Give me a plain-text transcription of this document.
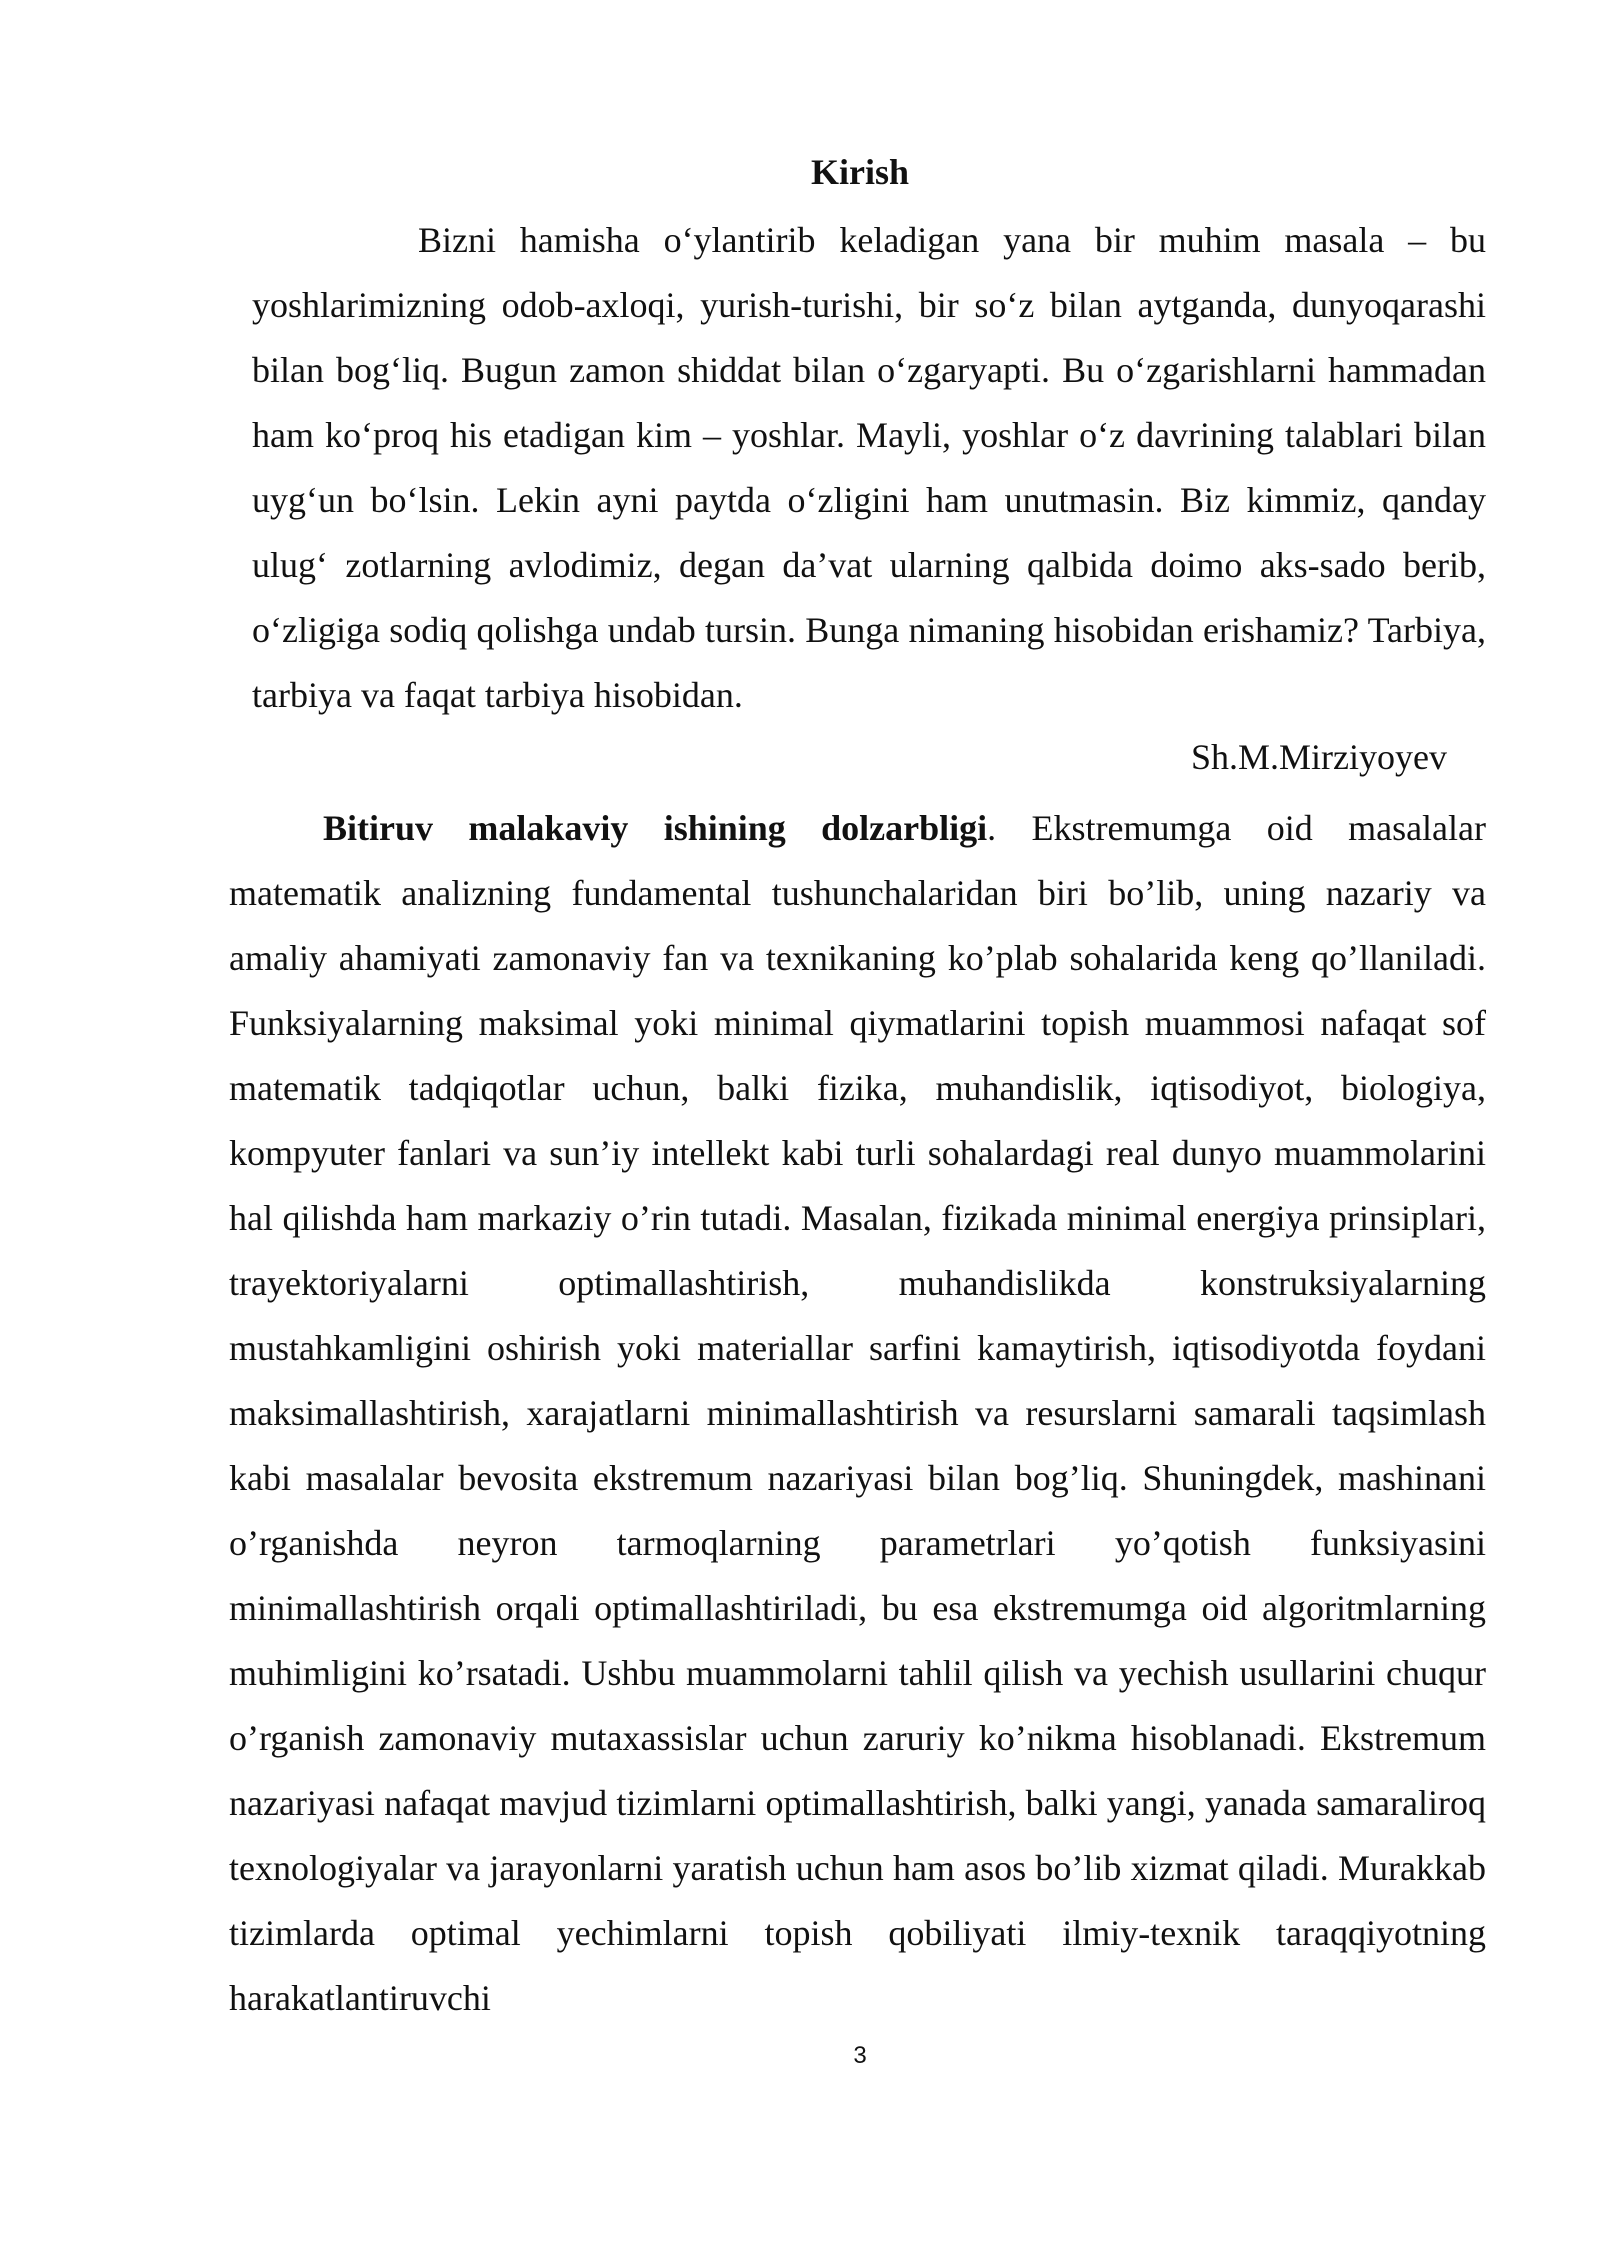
Kirish

Bizni hamisha o‘ylantirib keladigan yana bir muhim masala – bu yoshlarimizning odob-axloqi, yurish-turishi, bir so‘z bilan aytganda, dunyoqarashi bilan bog‘liq. Bugun zamon shiddat bilan o‘zgaryapti. Bu o‘zgarishlarni hammadan ham ko‘proq his etadigan kim – yoshlar. Mayli, yoshlar o‘z davrining talablari bilan uyg‘un bo‘lsin. Lekin ayni paytda o‘zligini ham unutmasin. Biz kimmiz, qanday ulug‘ zotlarning avlodimiz, degan da’vat ularning qalbida doimo aks-sado berib, o‘zligiga sodiq qolishga undab tursin. Bunga nimaning hisobidan erishamiz? Tarbiya, tarbiya va faqat tarbiya hisobidan.

Sh.M.Mirziyoyev

Bitiruv malakaviy ishining dolzarbligi. Ekstremumga oid masalalar matematik analizning fundamental tushunchalaridan biri bo’lib, uning nazariy va amaliy ahamiyati zamonaviy fan va texnikaning ko’plab sohalarida keng qo’llaniladi. Funksiyalarning maksimal yoki minimal qiymatlarini topish muammosi nafaqat sof matematik tadqiqotlar uchun, balki fizika, muhandislik, iqtisodiyot, biologiya, kompyuter fanlari va sun’iy intellekt kabi turli sohalardagi real dunyo muammolarini hal qilishda ham markaziy o’rin tutadi. Masalan, fizikada minimal energiya prinsiplari, trayektoriyalarni optimallashtirish, muhandislikda konstruksiyalarning mustahkamligini oshirish yoki materiallar sarfini kamaytirish, iqtisodiyotda foydani maksimallashtirish, xarajatlarni minimallashtirish va resurslarni samarali taqsimlash kabi masalalar bevosita ekstremum nazariyasi bilan bog’liq. Shuningdek, mashinani o’rganishda neyron tarmoqlarning parametrlari yo’qotish funksiyasini minimallashtirish orqali optimallashtiriladi, bu esa ekstremumga oid algoritmlarning muhimligini ko’rsatadi. Ushbu muammolarni tahlil qilish va yechish usullarini chuqur o’rganish zamonaviy mutaxassislar uchun zaruriy ko’nikma hisoblanadi. Ekstremum nazariyasi nafaqat mavjud tizimlarni optimallashtirish, balki yangi, yanada samaraliroq texnologiyalar va jarayonlarni yaratish uchun ham asos bo’lib xizmat qiladi. Murakkab tizimlarda optimal yechimlarni topish qobiliyati ilmiy-texnik taraqqiyotning harakatlantiruvchi

3
